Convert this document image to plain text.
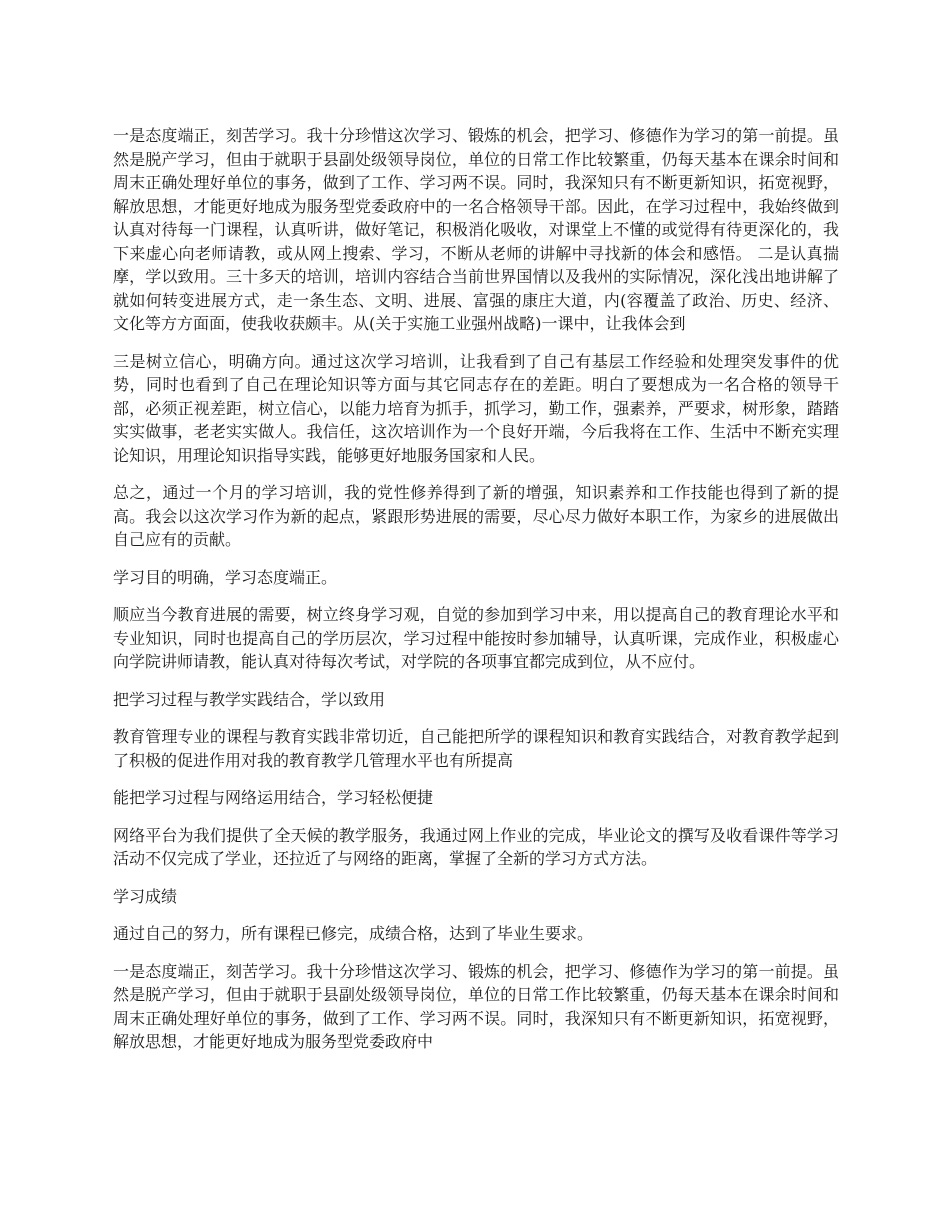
一是态度端正，刻苦学习。我十分珍惜这次学习、锻炼的机会，把学习、修德作为学习的第一前提。虽然是脱产学习，但由于就职于县副处级领导岗位，单位的日常工作比较繁重，仍每天基本在课余时间和周末正确处理好单位的事务，做到了工作、学习两不误。同时，我深知只有不断更新知识，拓宽视野，解放思想，才能更好地成为服务型党委政府中的一名合格领导干部。因此，在学习过程中，我始终做到认真对待每一门课程，认真听讲，做好笔记，积极消化吸收，对课堂上不懂的或觉得有待更深化的，我下来虚心向老师请教，或从网上搜索、学习，不断从老师的讲解中寻找新的体会和感悟。 二是认真揣摩，学以致用。三十多天的培训，培训内容结合当前世界国情以及我州的实际情况，深化浅出地讲解了就如何转变进展方式，走一条生态、文明、进展、富强的康庄大道，内(容覆盖了政治、历史、经济、文化等方方面面，使我收获颇丰。从(关于实施工业强州战略)一课中，让我体会到

三是树立信心，明确方向。通过这次学习培训，让我看到了自己有基层工作经验和处理突发事件的优势，同时也看到了自己在理论知识等方面与其它同志存在的差距。明白了要想成为一名合格的领导干部，必须正视差距，树立信心，以能力培育为抓手，抓学习，勤工作，强素养，严要求，树形象，踏踏实实做事，老老实实做人。我信任，这次培训作为一个良好开端，今后我将在工作、生活中不断充实理论知识，用理论知识指导实践，能够更好地服务国家和人民。

总之，通过一个月的学习培训，我的党性修养得到了新的增强，知识素养和工作技能也得到了新的提高。我会以这次学习作为新的起点，紧跟形势进展的需要，尽心尽力做好本职工作，为家乡的进展做出自己应有的贡献。

学习目的明确，学习态度端正。

顺应当今教育进展的需要，树立终身学习观，自觉的参加到学习中来，用以提高自己的教育理论水平和专业知识，同时也提高自己的学历层次，学习过程中能按时参加辅导，认真听课，完成作业，积极虚心向学院讲师请教，能认真对待每次考试，对学院的各项事宜都完成到位，从不应付。

把学习过程与教学实践结合，学以致用

教育管理专业的课程与教育实践非常切近，自己能把所学的课程知识和教育实践结合，对教育教学起到了积极的促进作用对我的教育教学几管理水平也有所提高

能把学习过程与网络运用结合，学习轻松便捷

网络平台为我们提供了全天候的教学服务，我通过网上作业的完成，毕业论文的撰写及收看课件等学习活动不仅完成了学业，还拉近了与网络的距离，掌握了全新的学习方式方法。

学习成绩

通过自己的努力，所有课程已修完，成绩合格，达到了毕业生要求。

一是态度端正，刻苦学习。我十分珍惜这次学习、锻炼的机会，把学习、修德作为学习的第一前提。虽然是脱产学习，但由于就职于县副处级领导岗位，单位的日常工作比较繁重，仍每天基本在课余时间和周末正确处理好单位的事务，做到了工作、学习两不误。同时，我深知只有不断更新知识，拓宽视野，解放思想，才能更好地成为服务型党委政府中
